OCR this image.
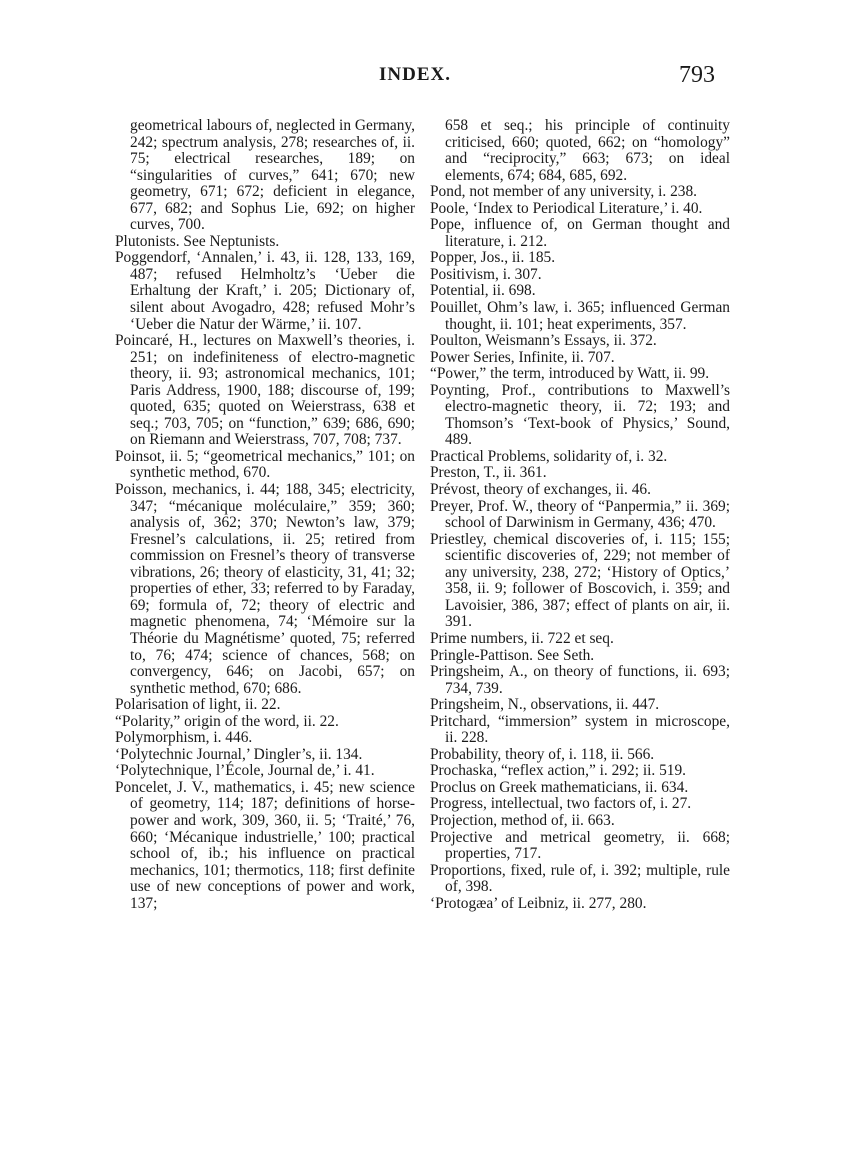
INDEX.	793

geometrical labours of, neglected in Germany, 242; spectrum analysis, 278; researches of, ii. 75; electrical researches, 189; on “singularities of curves,” 641; 670; new geometry, 671; 672; deficient in elegance, 677, 682; and Sophus Lie, 692; on higher curves, 700.

Plutonists. See Neptunists.

Poggendorf, ‘Annalen,’ i. 43, ii. 128, 133, 169, 487; refused Helmholtz’s ‘Ueber die Erhaltung der Kraft,’ i. 205; Dictionary of, silent about Avogadro, 428; refused Mohr’s ‘Ueber die Natur der Wärme,’ ii. 107.

Poincaré, H., lectures on Maxwell’s theories, i. 251; on indefiniteness of electro-magnetic theory, ii. 93; astronomical mechanics, 101; Paris Address, 1900, 188; discourse of, 199; quoted, 635; quoted on Weierstrass, 638 et seq.; 703, 705; on “function,” 639; 686, 690; on Riemann and Weierstrass, 707, 708; 737.

Poinsot, ii. 5; “geometrical mechanics,” 101; on synthetic method, 670.

Poisson, mechanics, i. 44; 188, 345; electricity, 347; “mécanique moléculaire,” 359; 360; analysis of, 362; 370; Newton’s law, 379; Fresnel’s calculations, ii. 25; retired from commission on Fresnel’s theory of transverse vibrations, 26; theory of elasticity, 31, 41; 32; properties of ether, 33; referred to by Faraday, 69; formula of, 72; theory of electric and magnetic phenomena, 74; ‘Mémoire sur la Théorie du Magnétisme’ quoted, 75; referred to, 76; 474; science of chances, 568; on convergency, 646; on Jacobi, 657; on synthetic method, 670; 686.

Polarisation of light, ii. 22.

“Polarity,” origin of the word, ii. 22.

Polymorphism, i. 446.

‘Polytechnic Journal,’ Dingler’s, ii. 134.

‘Polytechnique, l’École, Journal de,’ i. 41.

Poncelet, J. V., mathematics, i. 45; new science of geometry, 114; 187; definitions of horse-power and work, 309, 360, ii. 5; ‘Traité,’ 76, 660; ‘Mécanique industrielle,’ 100; practical school of, ib.; his influence on practical mechanics, 101; thermotics, 118; first definite use of new conceptions of power and work, 137;

658 et seq.; his principle of continuity criticised, 660; quoted, 662; on “homology” and “reciprocity,” 663; 673; on ideal elements, 674; 684, 685, 692.

Pond, not member of any university, i. 238.

Poole, ‘Index to Periodical Literature,’ i. 40.

Pope, influence of, on German thought and literature, i. 212.

Popper, Jos., ii. 185.

Positivism, i. 307.

Potential, ii. 698.

Pouillet, Ohm’s law, i. 365; influenced German thought, ii. 101; heat experiments, 357.

Poulton, Weismann’s Essays, ii. 372.

Power Series, Infinite, ii. 707.

“Power,” the term, introduced by Watt, ii. 99.

Poynting, Prof., contributions to Maxwell’s electro-magnetic theory, ii. 72; 193; and Thomson’s ‘Text-book of Physics,’ Sound, 489.

Practical Problems, solidarity of, i. 32.

Preston, T., ii. 361.

Prévost, theory of exchanges, ii. 46.

Preyer, Prof. W., theory of “Panpermia,” ii. 369; school of Darwinism in Germany, 436; 470.

Priestley, chemical discoveries of, i. 115; 155; scientific discoveries of, 229; not member of any university, 238, 272; ‘History of Optics,’ 358, ii. 9; follower of Boscovich, i. 359; and Lavoisier, 386, 387; effect of plants on air, ii. 391.

Prime numbers, ii. 722 et seq.

Pringle-Pattison. See Seth.

Pringsheim, A., on theory of functions, ii. 693; 734, 739.

Pringsheim, N., observations, ii. 447.

Pritchard, “immersion” system in microscope, ii. 228.

Probability, theory of, i. 118, ii. 566.

Prochaska, “reflex action,” i. 292; ii. 519.

Proclus on Greek mathematicians, ii. 634.

Progress, intellectual, two factors of, i. 27.

Projection, method of, ii. 663.

Projective and metrical geometry, ii. 668; properties, 717.

Proportions, fixed, rule of, i. 392; multiple, rule of, 398.

‘Protogæa’ of Leibniz, ii. 277, 280.
